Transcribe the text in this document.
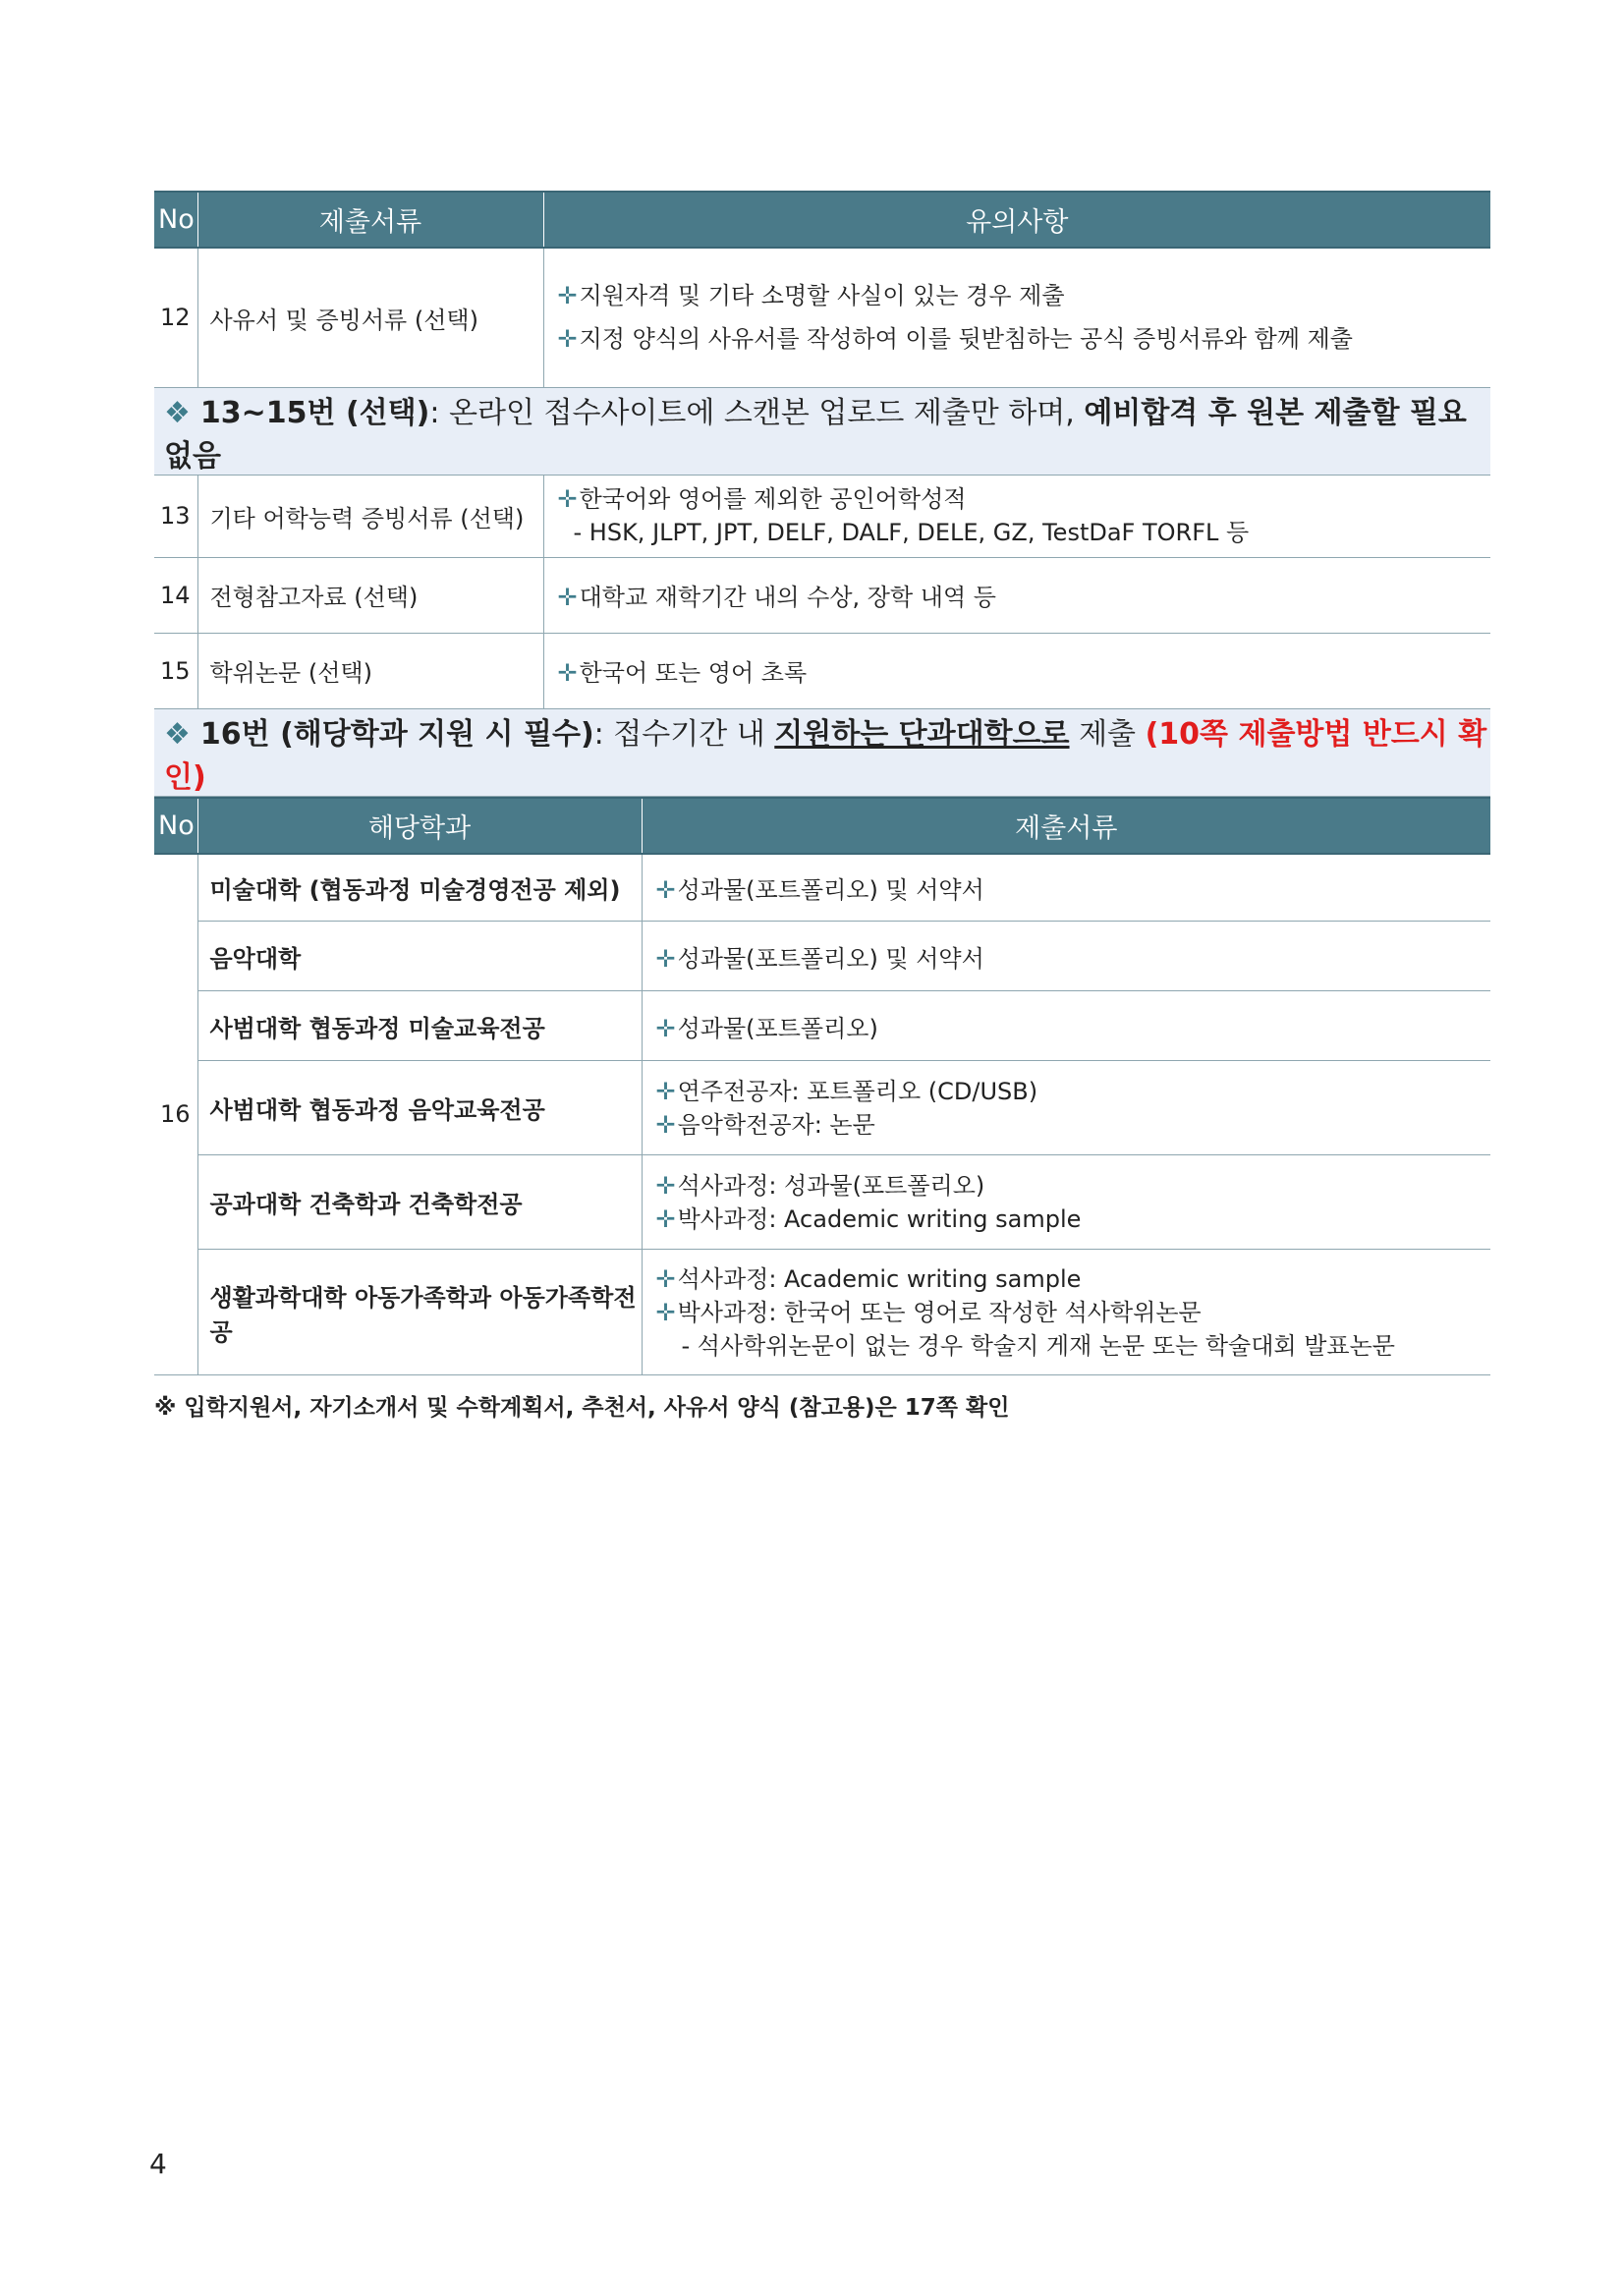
No	제출서류	유의사항
12	사유서 및 증빙서류 (선택)	✛지원자격 및 기타 소명할 사실이 있는 경우 제출
✛지정 양식의 사유서를 작성하여 이를 뒷받침하는 공식 증빙서류와 함께 제출

❖ 13~15번 (선택): 온라인 접수사이트에 스캔본 업로드 제출만 하며, 예비합격 후 원본 제출할 필요 없음		
13	기타 어학능력 증빙서류 (선택)	✛한국어와 영어를 제외한 공인어학성적
- HSK, JLPT, JPT, DELF, DALF, DELE, GZ, TestDaF TORFL 등

14	전형참고자료 (선택)	✛대학교 재학기간 내의 수상, 장학 내역 등
15	학위논문 (선택)	✛한국어 또는 영어 초록
❖ 16번 (해당학과 지원 시 필수): 접수기간 내 지원하는 단과대학으로 제출 (10쪽 제출방법 반드시 확인)		
No	해당학과	제출서류
16	미술대학 (협동과정 미술경영전공 제외)	✛성과물(포트폴리오) 및 서약서
	음악대학	✛성과물(포트폴리오) 및 서약서
	사범대학 협동과정 미술교육전공	✛성과물(포트폴리오)
	사범대학 협동과정 음악교육전공	✛연주전공자: 포트폴리오 (CD/USB)
✛음악학전공자: 논문

	공과대학 건축학과 건축학전공	✛석사과정: 성과물(포트폴리오)
✛박사과정: Academic writing sample

	생활과학대학 아동가족학과 아동가족학전공	✛석사과정: Academic writing sample
✛박사과정: 한국어 또는 영어로 작성한 석사학위논문
- 석사학위논문이 없는 경우 학술지 게재 논문 또는 학술대회 발표논문
※ 입학지원서, 자기소개서 및 수학계획서, 추천서, 사유서 양식 (참고용)은 17쪽 확인
4
